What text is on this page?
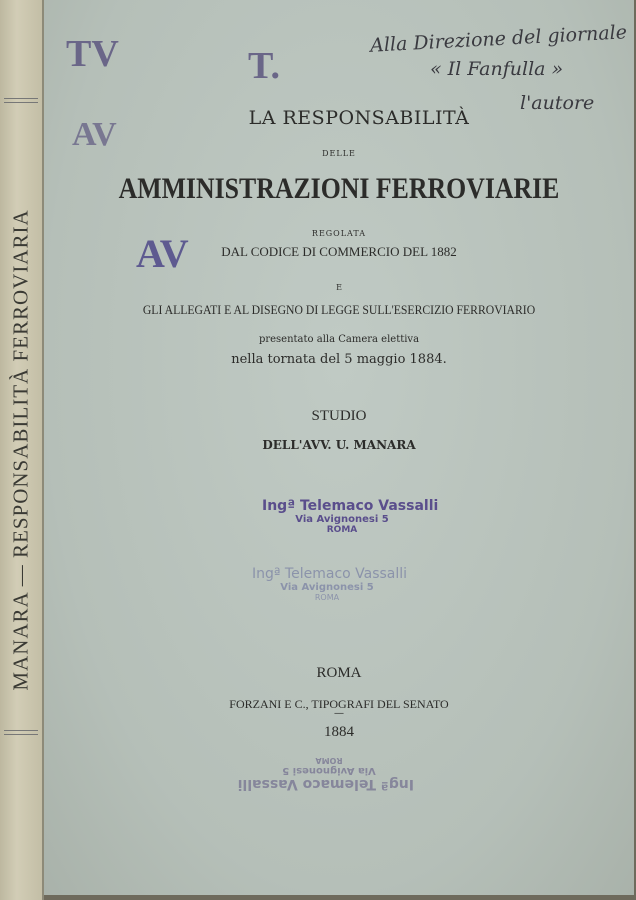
MANARA — RESPONSABILITÀ FERROVIARIA
TV	T.
AV
AV
Alla Direzione del giornale
« Il Fanfulla »
l'autore
LA RESPONSABILITÀ
DELLE
AMMINISTRAZIONI FERROVIARIE
REGOLATA
DAL CODICE DI COMMERCIO DEL 1882
E
GLI ALLEGATI E AL DISEGNO DI LEGGE SULL'ESERCIZIO FERROVIARIO
presentato alla Camera elettiva
nella tornata del 5 maggio 1884.
STUDIO
DELL'AVV. U. MANARA
Ingª Telemaco Vassalli
Via Avignonesi 5
ROMA
Ingª Telemaco Vassalli
Via Avignonesi 5
ROMA
ROMA
FORZANI E C., TIPOGRAFI DEL SENATO
—
1884
Ingª Telemaco Vassalli
Via Avignonesi 5
ROMA
